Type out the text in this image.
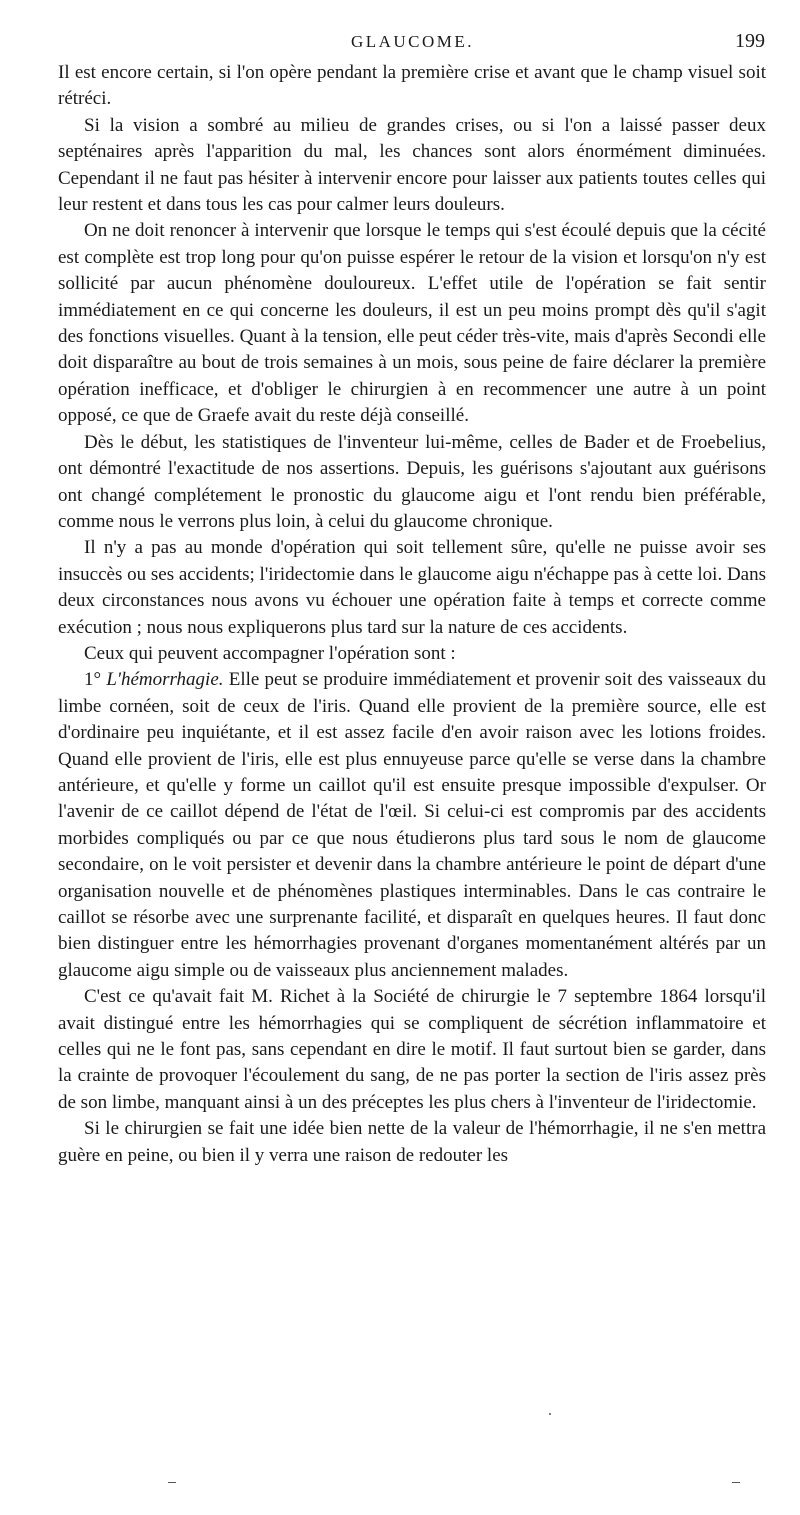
GLAUCOME.	199

Il est encore certain, si l'on opère pendant la première crise et avant que le champ visuel soit rétréci.

Si la vision a sombré au milieu de grandes crises, ou si l'on a laissé passer deux septénaires après l'apparition du mal, les chances sont alors énormément diminuées. Cependant il ne faut pas hésiter à intervenir encore pour laisser aux patients toutes celles qui leur restent et dans tous les cas pour calmer leurs douleurs.

On ne doit renoncer à intervenir que lorsque le temps qui s'est écoulé depuis que la cécité est complète est trop long pour qu'on puisse espérer le retour de la vision et lorsqu'on n'y est sollicité par aucun phénomène douloureux. L'effet utile de l'opération se fait sentir immédiatement en ce qui concerne les douleurs, il est un peu moins prompt dès qu'il s'agit des fonctions visuelles. Quant à la tension, elle peut céder très-vite, mais d'après Secondi elle doit disparaître au bout de trois semaines à un mois, sous peine de faire déclarer la première opération inefficace, et d'obliger le chirurgien à en recommencer une autre à un point opposé, ce que de Graefe avait du reste déjà conseillé.

Dès le début, les statistiques de l'inventeur lui-même, celles de Bader et de Froebelius, ont démontré l'exactitude de nos assertions. Depuis, les guérisons s'ajoutant aux guérisons ont changé complétement le pronostic du glaucome aigu et l'ont rendu bien préférable, comme nous le verrons plus loin, à celui du glaucome chronique.

Il n'y a pas au monde d'opération qui soit tellement sûre, qu'elle ne puisse avoir ses insuccès ou ses accidents; l'iridectomie dans le glaucome aigu n'échappe pas à cette loi. Dans deux circonstances nous avons vu échouer une opération faite à temps et correcte comme exécution ; nous nous expliquerons plus tard sur la nature de ces accidents.

Ceux qui peuvent accompagner l'opération sont :

1° L'hémorrhagie. Elle peut se produire immédiatement et provenir soit des vaisseaux du limbe cornéen, soit de ceux de l'iris. Quand elle provient de la première source, elle est d'ordinaire peu inquiétante, et il est assez facile d'en avoir raison avec les lotions froides. Quand elle provient de l'iris, elle est plus ennuyeuse parce qu'elle se verse dans la chambre antérieure, et qu'elle y forme un caillot qu'il est ensuite presque impossible d'expulser. Or l'avenir de ce caillot dépend de l'état de l'œil. Si celui-ci est compromis par des accidents morbides compliqués ou par ce que nous étudierons plus tard sous le nom de glaucome secondaire, on le voit persister et devenir dans la chambre antérieure le point de départ d'une organisation nouvelle et de phénomènes plastiques interminables. Dans le cas contraire le caillot se résorbe avec une surprenante facilité, et disparaît en quelques heures. Il faut donc bien distinguer entre les hémorrhagies provenant d'organes momentanément altérés par un glaucome aigu simple ou de vaisseaux plus anciennement malades.

C'est ce qu'avait fait M. Richet à la Société de chirurgie le 7 septembre 1864 lorsqu'il avait distingué entre les hémorrhagies qui se compliquent de sécrétion inflammatoire et celles qui ne le font pas, sans cependant en dire le motif. Il faut surtout bien se garder, dans la crainte de provoquer l'écoulement du sang, de ne pas porter la section de l'iris assez près de son limbe, manquant ainsi à un des préceptes les plus chers à l'inventeur de l'iridectomie.

Si le chirurgien se fait une idée bien nette de la valeur de l'hémorrhagie, il ne s'en mettra guère en peine, ou bien il y verra une raison de redouter les
